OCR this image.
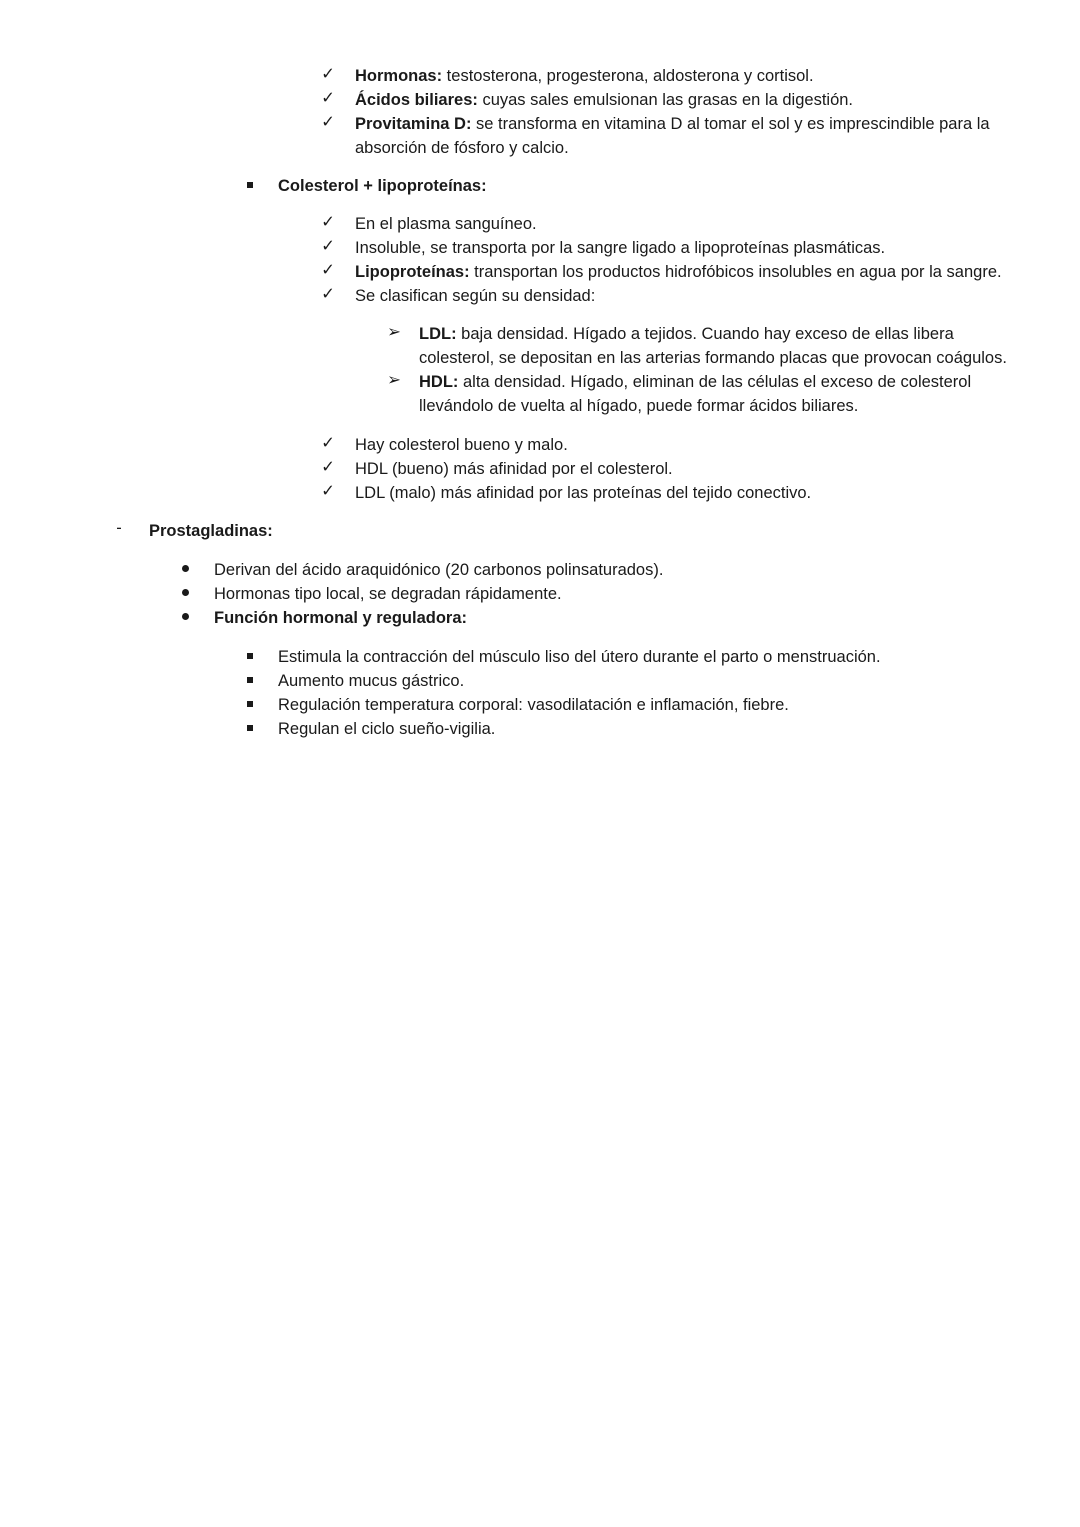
✓ Hormonas: testosterona, progesterona, aldosterona y cortisol.
✓ Ácidos biliares: cuyas sales emulsionan las grasas en la digestión.
✓ Provitamina D: se transforma en vitamina D al tomar el sol y es imprescindible para la absorción de fósforo y calcio.
Colesterol + lipoproteínas:
✓ En el plasma sanguíneo.
✓ Insoluble, se transporta por la sangre ligado a lipoproteínas plasmáticas.
✓ Lipoproteínas: transportan los productos hidrofóbicos insolubles en agua por la sangre.
✓ Se clasifican según su densidad:
➢ LDL: baja densidad. Hígado a tejidos. Cuando hay exceso de ellas libera colesterol, se depositan en las arterias formando placas que provocan coágulos.
➢ HDL: alta densidad. Hígado, eliminan de las células el exceso de colesterol llevándolo de vuelta al hígado, puede formar ácidos biliares.
✓ Hay colesterol bueno y malo.
✓ HDL (bueno) más afinidad por el colesterol.
✓ LDL (malo) más afinidad por las proteínas del tejido conectivo.
-	Prostagladinas:
Derivan del ácido araquidónico (20 carbonos polinsaturados).
Hormonas tipo local, se degradan rápidamente.
Función hormonal y reguladora:
Estimula la contracción del músculo liso del útero durante el parto o menstruación.
Aumento mucus gástrico.
Regulación temperatura corporal: vasodilatación e inflamación, fiebre.
Regulan el ciclo sueño-vigilia.
